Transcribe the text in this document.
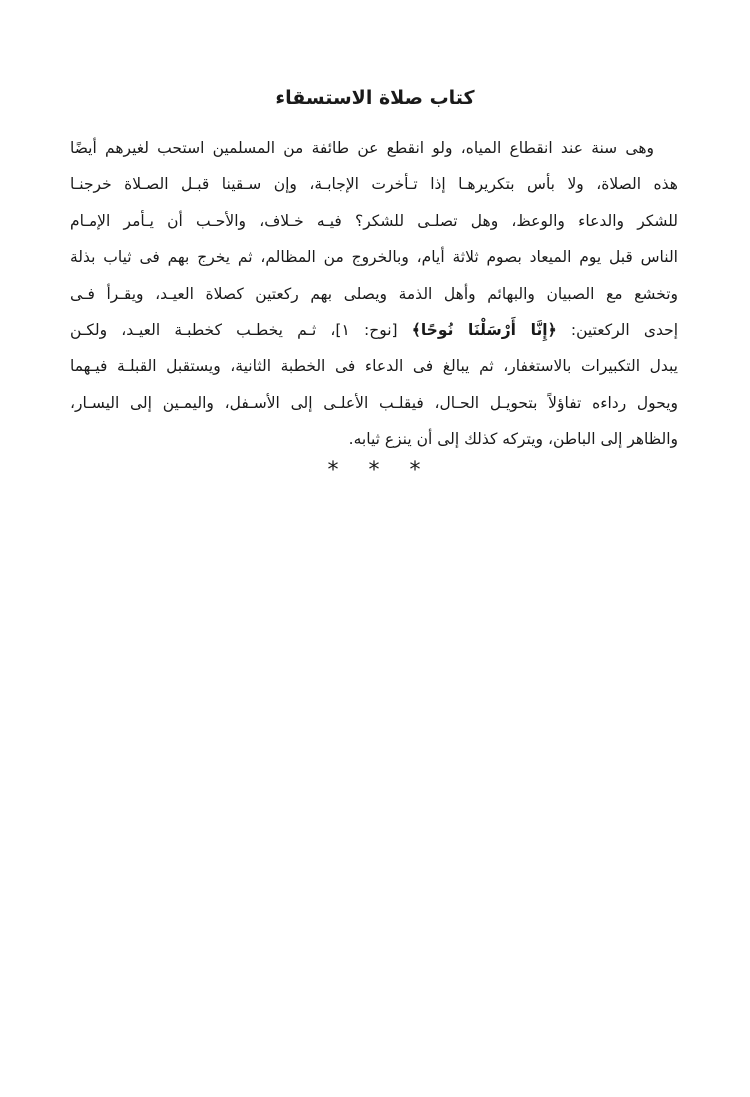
كتاب صلاة الاستسقاء
وهى سنة عند انقطاع المياه، ولو انقطع عن طائفة من المسلمين استحب لغيرهم أيضًا
هذه الصلاة، ولا بأس بتكريرهـا إذا تـأخرت الإجابـة، وإن سـقينا قبـل الصـلاة خرجنـا
للشكر والدعاء والوعظ، وهل تصلـى للشكر؟ فيـه خـلاف، والأحـب أن يـأمر الإمـام
الناس قبل يوم الميعاد بصوم ثلاثة أيام، وبالخروج من المظالم، ثم يخرج بهم فى ثياب بذلة
وتخشع مع الصبيان والبهائم وأهل الذمة ويصلى بهم ركعتين كصلاة العيـد، ويقـرأ فـى
إحدى الركعتين: ﴿إِنَّا أَرْسَلْنَا نُوحًا﴾ [نوح: ١]، ثـم يخطـب كخطبـة العيـد، ولكـن
يبدل التكبيرات بالاستغفار، ثم يبالغ فى الدعاء فى الخطبة الثانية، ويستقبل القبلـة فيـهما
ويحول رداءه تفاؤلاً بتحويـل الحـال، فيقلـب الأعلـى إلى الأسـفل، واليمـين إلى اليسـار،
والظاهر إلى الباطن، ويتركه كذلك إلى أن ينزع ثيابه.
***
